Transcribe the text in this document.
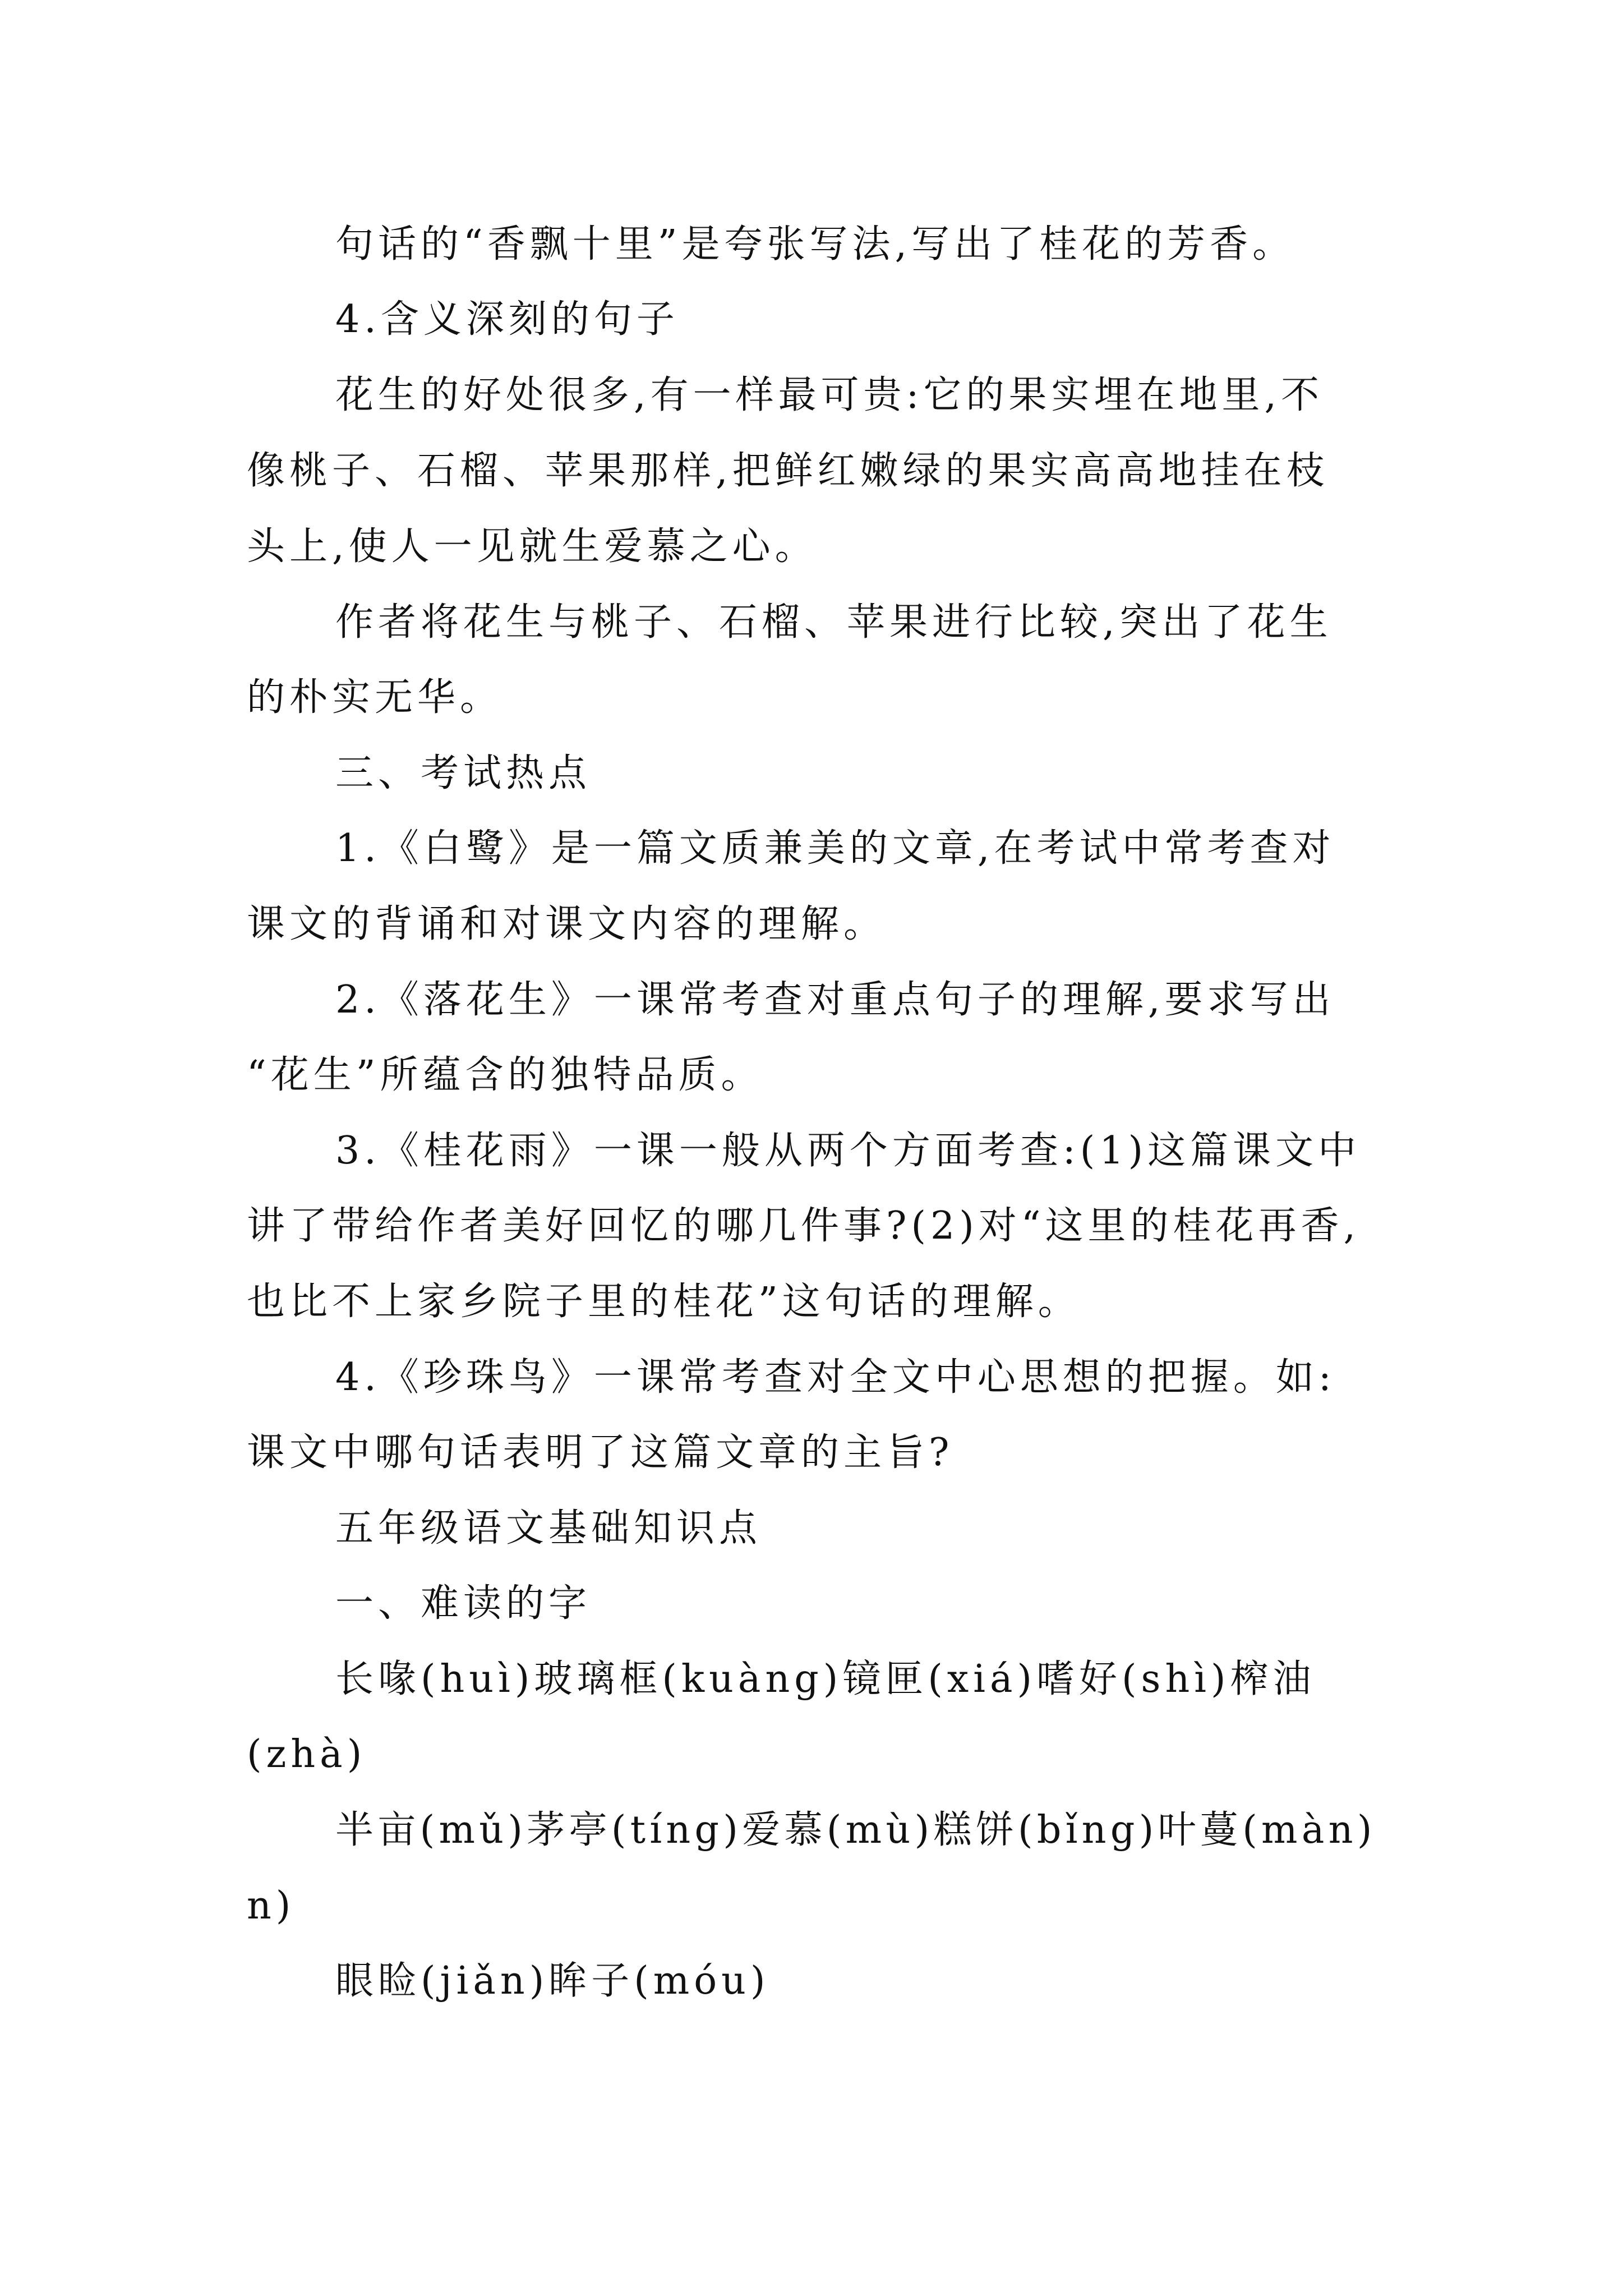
句话的“香飘十里”是夸张写法,写出了桂花的芳香。

4.含义深刻的句子

花生的好处很多,有一样最可贵:它的果实埋在地里,不

像桃子、石榴、苹果那样,把鲜红嫩绿的果实高高地挂在枝

头上,使人一见就生爱慕之心。

作者将花生与桃子、石榴、苹果进行比较,突出了花生

的朴实无华。

三、考试热点

1.《白鹭》是一篇文质兼美的文章,在考试中常考查对

课文的背诵和对课文内容的理解。

2.《落花生》一课常考查对重点句子的理解,要求写出

“花生”所蕴含的独特品质。

3.《桂花雨》一课一般从两个方面考查:(1)这篇课文中

讲了带给作者美好回忆的哪几件事?(2)对“这里的桂花再香,

也比不上家乡院子里的桂花”这句话的理解。

4.《珍珠鸟》一课常考查对全文中心思想的把握。如:

课文中哪句话表明了这篇文章的主旨?

五年级语文基础知识点

一、难读的字

长喙(huì)玻璃框(kuàng)镜匣(xiá)嗜好(shì)榨油

(zhà)

半亩(mǔ)茅亭(tíng)爱慕(mù)糕饼(bǐng)叶蔓(màn)

n)

眼睑(jiǎn)眸子(móu)
